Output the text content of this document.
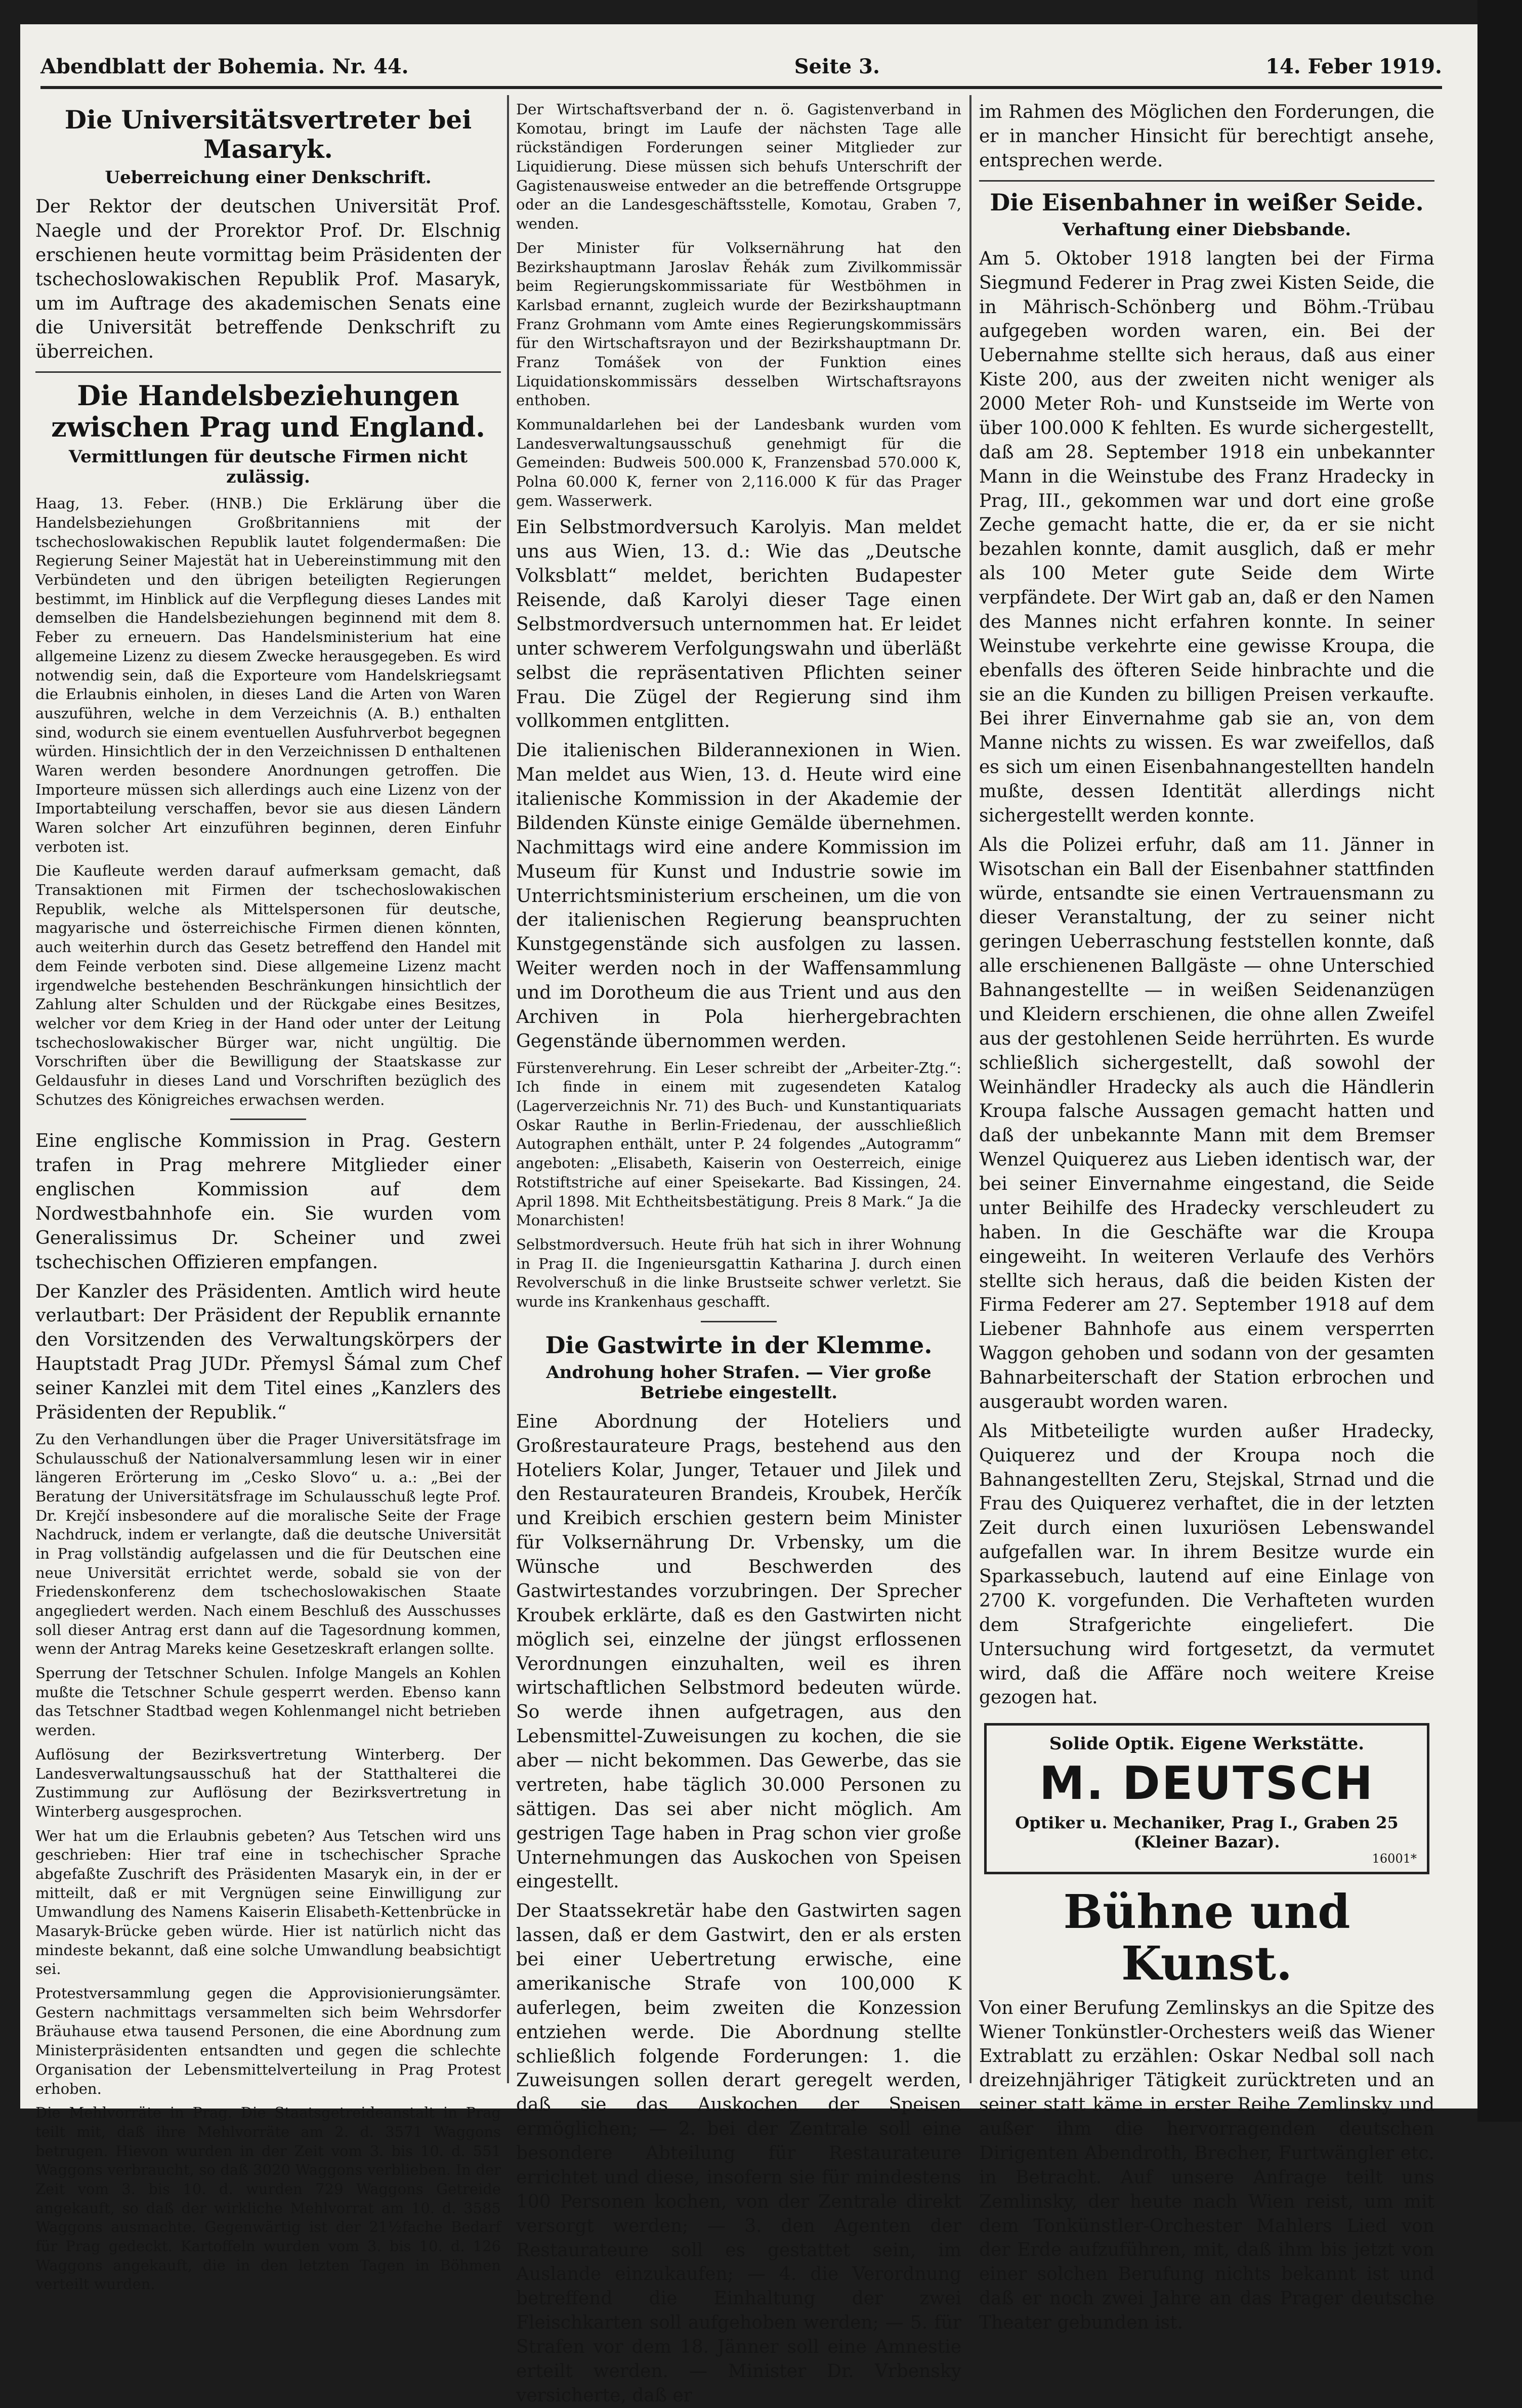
Abendblatt der Bohemia. Nr. 44.	Seite 3.	14. Feber 1919.
Die Universitätsvertreter bei Masaryk.
Ueberreichung einer Denkschrift.

Der Rektor der deutschen Universität Prof. Naegle und der Prorektor Prof. Dr. Elschnig erschienen heute vormittag beim Präsidenten der tschechoslowakischen Republik Prof. Masaryk, um im Auftrage des akademischen Senats eine die Universität betreffende Denkschrift zu überreichen.

Die Handelsbeziehungen zwischen Prag und England.
Vermittlungen für deutsche Firmen nicht zulässig.

Haag, 13. Feber. (HNB.) Die Erklärung über die Handelsbeziehungen Großbritanniens mit der tschechoslowakischen Republik lautet folgendermaßen: Die Regierung Seiner Majestät hat in Uebereinstimmung mit den Verbündeten und den übrigen beteiligten Regierungen bestimmt, im Hinblick auf die Verpflegung dieses Landes mit demselben die Handelsbeziehungen beginnend mit dem 8. Feber zu erneuern. Das Handelsministerium hat eine allgemeine Lizenz zu diesem Zwecke herausgegeben. Es wird notwendig sein, daß die Exporteure vom Handelskriegsamt die Erlaubnis einholen, in dieses Land die Arten von Waren auszuführen, welche in dem Verzeichnis (A. B.) enthalten sind, wodurch sie einem eventuellen Ausfuhrverbot begegnen würden. Hinsichtlich der in den Verzeichnissen D enthaltenen Waren werden besondere Anordnungen getroffen. Die Importeure müssen sich allerdings auch eine Lizenz von der Importabteilung verschaffen, bevor sie aus diesen Ländern Waren solcher Art einzuführen beginnen, deren Einfuhr verboten ist.

Die Kaufleute werden darauf aufmerksam gemacht, daß Transaktionen mit Firmen der tschechoslowakischen Republik, welche als Mittelspersonen für deutsche, magyarische und österreichische Firmen dienen könnten, auch weiterhin durch das Gesetz betreffend den Handel mit dem Feinde verboten sind. Diese allgemeine Lizenz macht irgendwelche bestehenden Beschränkungen hinsichtlich der Zahlung alter Schulden und der Rückgabe eines Besitzes, welcher vor dem Krieg in der Hand oder unter der Leitung tschechoslowakischer Bürger war, nicht ungültig. Die Vorschriften über die Bewilligung der Staatskasse zur Geldausfuhr in dieses Land und Vorschriften bezüglich des Schutzes des Königreiches erwachsen werden.

Eine englische Kommission in Prag. Gestern trafen in Prag mehrere Mitglieder einer englischen Kommission auf dem Nordwestbahnhofe ein. Sie wurden vom Generalissimus Dr. Scheiner und zwei tschechischen Offizieren empfangen.

Der Kanzler des Präsidenten. Amtlich wird heute verlautbart: Der Präsident der Republik ernannte den Vorsitzenden des Verwaltungskörpers der Hauptstadt Prag JUDr. Přemysl Šámal zum Chef seiner Kanzlei mit dem Titel eines „Kanzlers des Präsidenten der Republik.“

Zu den Verhandlungen über die Prager Universitätsfrage im Schulausschuß der Nationalversammlung lesen wir in einer längeren Erörterung im „Cesko Slovo“ u. a.: „Bei der Beratung der Universitätsfrage im Schulausschuß legte Prof. Dr. Krejčí insbesondere auf die moralische Seite der Frage Nachdruck, indem er verlangte, daß die deutsche Universität in Prag vollständig aufgelassen und die für Deutschen eine neue Universität errichtet werde, sobald sie von der Friedenskonferenz dem tschechoslowakischen Staate angegliedert werden. Nach einem Beschluß des Ausschusses soll dieser Antrag erst dann auf die Tagesordnung kommen, wenn der Antrag Mareks keine Gesetzeskraft erlangen sollte.

Sperrung der Tetschner Schulen. Infolge Mangels an Kohlen mußte die Tetschner Schule gesperrt werden. Ebenso kann das Tetschner Stadtbad wegen Kohlenmangel nicht betrieben werden.

Auflösung der Bezirksvertretung Winterberg. Der Landesverwaltungsausschuß hat der Statthalterei die Zustimmung zur Auflösung der Bezirksvertretung in Winterberg ausgesprochen.

Wer hat um die Erlaubnis gebeten? Aus Tetschen wird uns geschrieben: Hier traf eine in tschechischer Sprache abgefaßte Zuschrift des Präsidenten Masaryk ein, in der er mitteilt, daß er mit Vergnügen seine Einwilligung zur Umwandlung des Namens Kaiserin Elisabeth-Kettenbrücke in Masaryk-Brücke geben würde. Hier ist natürlich nicht das mindeste bekannt, daß eine solche Umwandlung beabsichtigt sei.

Protestversammlung gegen die Approvisionierungsämter. Gestern nachmittags versammelten sich beim Wehrsdorfer Bräuhause etwa tausend Personen, die eine Abordnung zum Ministerpräsidenten entsandten und gegen die schlechte Organisation der Lebensmittelverteilung in Prag Protest erhoben.

Die Mehlvorräte in Prag. Die Staatsgetreideanstalt in Prag teilt mit, daß ihre Mehlvorräte am 2. d. 3571 Waggons betrugen. Hievon wurden in der Zeit vom 3. bis 10. d. 551 Waggons verbraucht, so daß 3020 Waggons verblieben. In der Zeit vom 3. bis 10. d. wurden 729 Waggons Getreide angekauft, so daß der wirkliche Mehlvorrat am 10. d. 3585 Waggons ausmachte. Gegenwärtig ist der 21½fache Bedarf für Prag gedeckt. Kartoffeln wurden vom 3. bis 10. d. 126 Waggons angekauft, die in den letzten Tagen in Böhmen verteilt wurden.

Der Wirtschaftsverband der n. ö. Gagistenverband in Komotau, bringt im Laufe der nächsten Tage alle rückständigen Forderungen seiner Mitglieder zur Liquidierung. Diese müssen sich behufs Unterschrift der Gagistenausweise entweder an die betreffende Ortsgruppe oder an die Landesgeschäftsstelle, Komotau, Graben 7, wenden.

Der Minister für Volksernährung hat den Bezirkshauptmann Jaroslav Řehák zum Zivilkommissär beim Regierungskommissariate für Westböhmen in Karlsbad ernannt, zugleich wurde der Bezirkshauptmann Franz Grohmann vom Amte eines Regierungskommissärs für den Wirtschaftsrayon und der Bezirkshauptmann Dr. Franz Tomášek von der Funktion eines Liquidationskommissärs desselben Wirtschaftsrayons enthoben.

Kommunaldarlehen bei der Landesbank wurden vom Landesverwaltungsausschuß genehmigt für die Gemeinden: Budweis 500.000 K, Franzensbad 570.000 K, Polna 60.000 K, ferner von 2,116.000 K für das Prager gem. Wasserwerk.

Ein Selbstmordversuch Karolyis. Man meldet uns aus Wien, 13. d.: Wie das „Deutsche Volksblatt“ meldet, berichten Budapester Reisende, daß Karolyi dieser Tage einen Selbstmordversuch unternommen hat. Er leidet unter schwerem Verfolgungswahn und überläßt selbst die repräsentativen Pflichten seiner Frau. Die Zügel der Regierung sind ihm vollkommen entglitten.

Die italienischen Bilderannexionen in Wien. Man meldet aus Wien, 13. d. Heute wird eine italienische Kommission in der Akademie der Bildenden Künste einige Gemälde übernehmen. Nachmittags wird eine andere Kommission im Museum für Kunst und Industrie sowie im Unterrichtsministerium erscheinen, um die von der italienischen Regierung beanspruchten Kunstgegenstände sich ausfolgen zu lassen. Weiter werden noch in der Waffensammlung und im Dorotheum die aus Trient und aus den Archiven in Pola hierhergebrachten Gegenstände übernommen werden.

Fürstenverehrung. Ein Leser schreibt der „Arbeiter-Ztg.“: Ich finde in einem mit zugesendeten Katalog (Lagerverzeichnis Nr. 71) des Buch- und Kunstantiquariats Oskar Rauthe in Berlin-Friedenau, der ausschließlich Autographen enthält, unter P. 24 folgendes „Autogramm“ angeboten: „Elisabeth, Kaiserin von Oesterreich, einige Rotstiftstriche auf einer Speisekarte. Bad Kissingen, 24. April 1898. Mit Echtheitsbestätigung. Preis 8 Mark.“ Ja die Monarchisten!

Selbstmordversuch. Heute früh hat sich in ihrer Wohnung in Prag II. die Ingenieursgattin Katharina J. durch einen Revolverschuß in die linke Brustseite schwer verletzt. Sie wurde ins Krankenhaus geschafft.

Die Gastwirte in der Klemme.
Androhung hoher Strafen. — Vier große Betriebe eingestellt.

Eine Abordnung der Hoteliers und Großrestaurateure Prags, bestehend aus den Hoteliers Kolar, Junger, Tetauer und Jilek und den Restaurateuren Brandeis, Kroubek, Herčík und Kreibich erschien gestern beim Minister für Volksernährung Dr. Vrbensky, um die Wünsche und Beschwerden des Gastwirtestandes vorzubringen. Der Sprecher Kroubek erklärte, daß es den Gastwirten nicht möglich sei, einzelne der jüngst erflossenen Verordnungen einzuhalten, weil es ihren wirtschaftlichen Selbstmord bedeuten würde. So werde ihnen aufgetragen, aus den Lebensmittel-Zuweisungen zu kochen, die sie aber — nicht bekommen. Das Gewerbe, das sie vertreten, habe täglich 30.000 Personen zu sättigen. Das sei aber nicht möglich. Am gestrigen Tage haben in Prag schon vier große Unternehmungen das Auskochen von Speisen eingestellt.

Der Staatssekretär habe den Gastwirten sagen lassen, daß er dem Gastwirt, den er als ersten bei einer Uebertretung erwische, eine amerikanische Strafe von 100,000 K auferlegen, beim zweiten die Konzession entziehen werde. Die Abordnung stellte schließlich folgende Forderungen: 1. die Zuweisungen sollen derart geregelt werden, daß sie das Auskochen der Speisen ermöglichen; — 2. bei der Zentrale soll eine besondere Abteilung für Restaurateure errichtet und diese, insofern sie für mindestens 100 Personen kochen, von der Zentrale direkt versorgt werden; — 3. den Agenten der Restaurateure soll es gestattet sein, im Auslande einzukaufen; — 4. die Verordnung betreffend die Einhaltung der zwei Fleischkarten soll aufgehoben werden; — 5. für Strafen vor dem 18. Jänner soll eine Amnestie erteilt werden. — Minister Dr. Vrbensky versicherte, daß er

im Rahmen des Möglichen den Forderungen, die er in mancher Hinsicht für berechtigt ansehe, entsprechen werde.

Die Eisenbahner in weißer Seide.
Verhaftung einer Diebsbande.

Am 5. Oktober 1918 langten bei der Firma Siegmund Federer in Prag zwei Kisten Seide, die in Mährisch-Schönberg und Böhm.-Trübau aufgegeben worden waren, ein. Bei der Uebernahme stellte sich heraus, daß aus einer Kiste 200, aus der zweiten nicht weniger als 2000 Meter Roh- und Kunstseide im Werte von über 100.000 K fehlten. Es wurde sichergestellt, daß am 28. September 1918 ein unbekannter Mann in die Weinstube des Franz Hradecky in Prag, III., gekommen war und dort eine große Zeche gemacht hatte, die er, da er sie nicht bezahlen konnte, damit ausglich, daß er mehr als 100 Meter gute Seide dem Wirte verpfändete. Der Wirt gab an, daß er den Namen des Mannes nicht erfahren konnte. In seiner Weinstube verkehrte eine gewisse Kroupa, die ebenfalls des öfteren Seide hinbrachte und die sie an die Kunden zu billigen Preisen verkaufte. Bei ihrer Einvernahme gab sie an, von dem Manne nichts zu wissen. Es war zweifellos, daß es sich um einen Eisenbahnangestellten handeln mußte, dessen Identität allerdings nicht sichergestellt werden konnte.

Als die Polizei erfuhr, daß am 11. Jänner in Wisotschan ein Ball der Eisenbahner stattfinden würde, entsandte sie einen Vertrauensmann zu dieser Veranstaltung, der zu seiner nicht geringen Ueberraschung feststellen konnte, daß alle erschienenen Ballgäste — ohne Unterschied Bahnangestellte — in weißen Seidenanzügen und Kleidern erschienen, die ohne allen Zweifel aus der gestohlenen Seide herrührten. Es wurde schließlich sichergestellt, daß sowohl der Weinhändler Hradecky als auch die Händlerin Kroupa falsche Aussagen gemacht hatten und daß der unbekannte Mann mit dem Bremser Wenzel Quiquerez aus Lieben identisch war, der bei seiner Einvernahme eingestand, die Seide unter Beihilfe des Hradecky verschleudert zu haben. In die Geschäfte war die Kroupa eingeweiht. In weiteren Verlaufe des Verhörs stellte sich heraus, daß die beiden Kisten der Firma Federer am 27. September 1918 auf dem Liebener Bahnhofe aus einem versperrten Waggon gehoben und sodann von der gesamten Bahnarbeiterschaft der Station erbrochen und ausgeraubt worden waren.

Als Mitbeteiligte wurden außer Hradecky, Quiquerez und der Kroupa noch die Bahnangestellten Zeru, Stejskal, Strnad und die Frau des Quiquerez verhaftet, die in der letzten Zeit durch einen luxuriösen Lebenswandel aufgefallen war. In ihrem Besitze wurde ein Sparkassebuch, lautend auf eine Einlage von 2700 K. vorgefunden. Die Verhafteten wurden dem Strafgerichte eingeliefert. Die Untersuchung wird fortgesetzt, da vermutet wird, daß die Affäre noch weitere Kreise gezogen hat.

Solide Optik. Eigene Werkstätte.
M. DEUTSCH
Optiker u. Mechaniker, Prag I., Graben 25
(Kleiner Bazar).
16001*
Bühne und Kunst.

Von einer Berufung Zemlinskys an die Spitze des Wiener Tonkünstler-Orchesters weiß das Wiener Extrablatt zu erzählen: Oskar Nedbal soll nach dreizehnjähriger Tätigkeit zurücktreten und an seiner statt käme in erster Reihe Zemlinsky und außer ihm die hervorragenden deutschen Dirigenten Abendroth, Brecher, Furtwängler etc. in Betracht. Auf unsere Anfrage teilt uns Zemlinsky, der heute nach Wien reist, um mit dem Tonkünstler-Orchester Mahlers Lied von der Erde aufzuführen, mit, daß ihm bis jetzt von einer solchen Berufung nichts bekannt ist und daß er noch zwei Jahre an das Prager deutsche Theater gebunden ist.
